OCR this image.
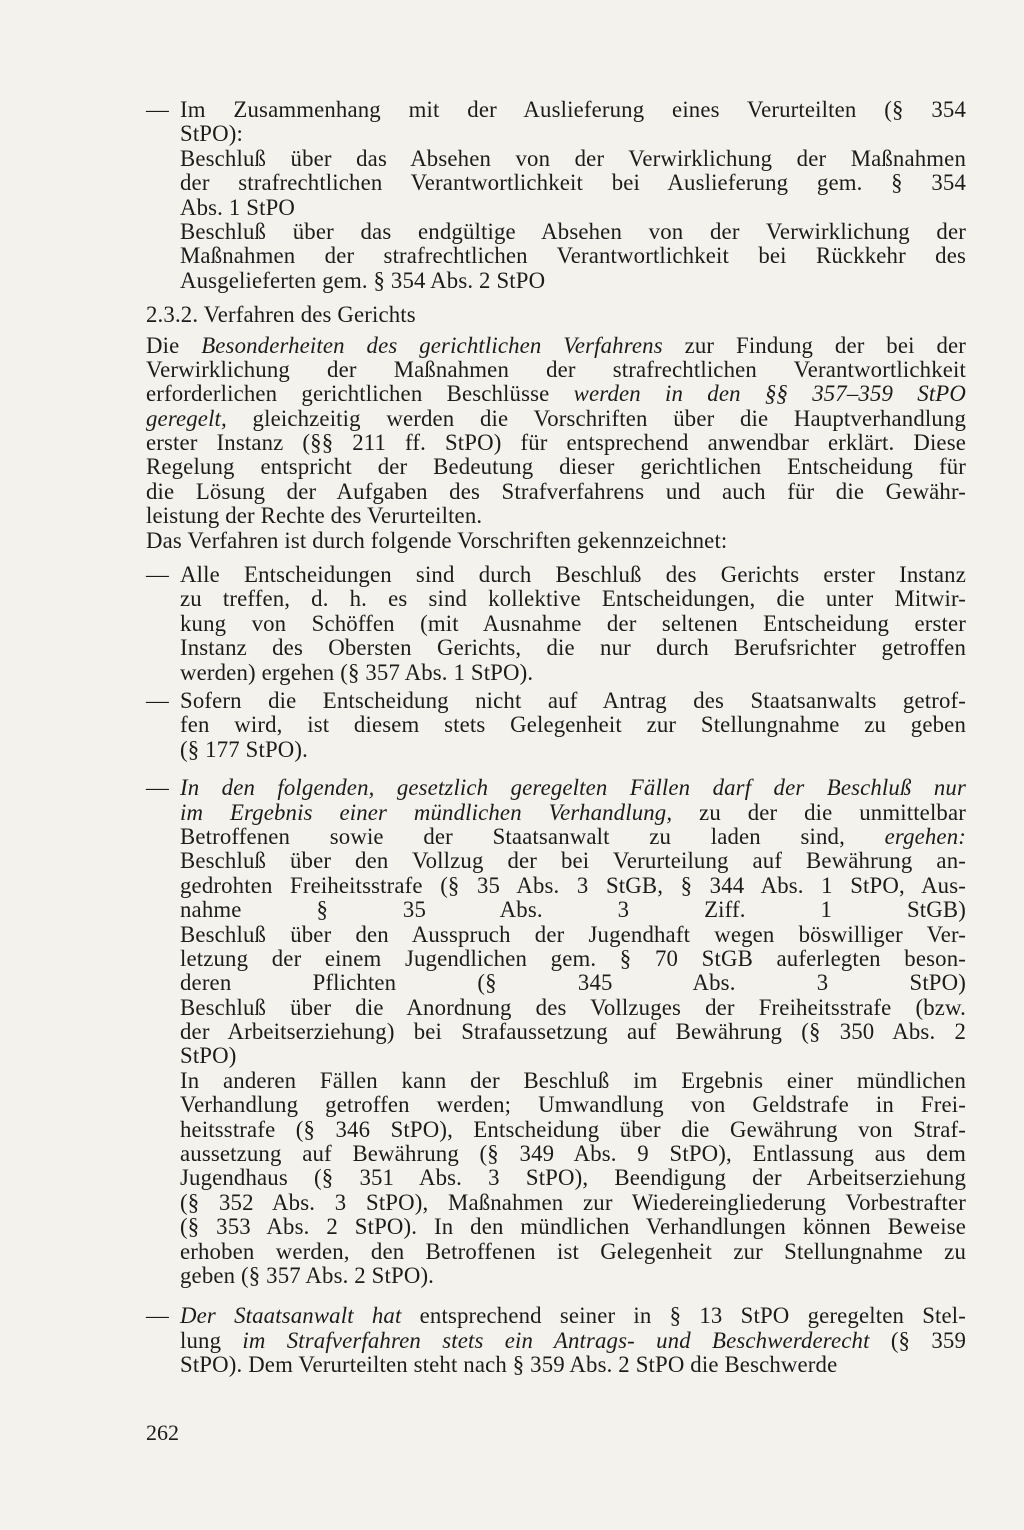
— Im Zusammenhang mit der Auslieferung eines Verurteilten (§ 354
StPO):
Beschluß über das Absehen von der Verwirklichung der Maßnahmen
der strafrechtlichen Verantwortlichkeit bei Auslieferung gem. § 354
Abs. 1 StPO
Beschluß über das endgültige Absehen von der Verwirklichung der
Maßnahmen der strafrechtlichen Verantwortlichkeit bei Rückkehr des
Ausgelieferten gem. § 354 Abs. 2 StPO
2.3.2. Verfahren des Gerichts
Die Besonderheiten des gerichtlichen Verfahrens zur Findung der bei der
Verwirklichung der Maßnahmen der strafrechtlichen Verantwortlichkeit
erforderlichen gerichtlichen Beschlüsse werden in den §§ 357–359 StPO
geregelt, gleichzeitig werden die Vorschriften über die Hauptverhandlung
erster Instanz (§§ 211 ff. StPO) für entsprechend anwendbar erklärt. Diese
Regelung entspricht der Bedeutung dieser gerichtlichen Entscheidung für
die Lösung der Aufgaben des Strafverfahrens und auch für die Gewähr-
leistung der Rechte des Verurteilten.
Das Verfahren ist durch folgende Vorschriften gekennzeichnet:
— Alle Entscheidungen sind durch Beschluß des Gerichts erster Instanz
zu treffen, d. h. es sind kollektive Entscheidungen, die unter Mitwir-
kung von Schöffen (mit Ausnahme der seltenen Entscheidung erster
Instanz des Obersten Gerichts, die nur durch Berufsrichter getroffen
werden) ergehen (§ 357 Abs. 1 StPO).
— Sofern die Entscheidung nicht auf Antrag des Staatsanwalts getrof-
fen wird, ist diesem stets Gelegenheit zur Stellungnahme zu geben
(§ 177 StPO).
— In den folgenden, gesetzlich geregelten Fällen darf der Beschluß nur
im Ergebnis einer mündlichen Verhandlung, zu der die unmittelbar
Betroffenen sowie der Staatsanwalt zu laden sind, ergehen:
Beschluß über den Vollzug der bei Verurteilung auf Bewährung an-
gedrohten Freiheitsstrafe (§ 35 Abs. 3 StGB, § 344 Abs. 1 StPO, Aus-
nahme § 35 Abs. 3 Ziff. 1 StGB)
Beschluß über den Ausspruch der Jugendhaft wegen böswilliger Ver-
letzung der einem Jugendlichen gem. § 70 StGB auferlegten beson-
deren Pflichten (§ 345 Abs. 3 StPO)
Beschluß über die Anordnung des Vollzuges der Freiheitsstrafe (bzw.
der Arbeitserziehung) bei Strafaussetzung auf Bewährung (§ 350 Abs. 2
StPO)
In anderen Fällen kann der Beschluß im Ergebnis einer mündlichen
Verhandlung getroffen werden; Umwandlung von Geldstrafe in Frei-
heitsstrafe (§ 346 StPO), Entscheidung über die Gewährung von Straf-
aussetzung auf Bewährung (§ 349 Abs. 9 StPO), Entlassung aus dem
Jugendhaus (§ 351 Abs. 3 StPO), Beendigung der Arbeitserziehung
(§ 352 Abs. 3 StPO), Maßnahmen zur Wiedereingliederung Vorbestrafter
(§ 353 Abs. 2 StPO). In den mündlichen Verhandlungen können Beweise
erhoben werden, den Betroffenen ist Gelegenheit zur Stellungnahme zu
geben (§ 357 Abs. 2 StPO).
— Der Staatsanwalt hat entsprechend seiner in § 13 StPO geregelten Stel-
lung im Strafverfahren stets ein Antrags- und Beschwerderecht (§ 359
StPO). Dem Verurteilten steht nach § 359 Abs. 2 StPO die Beschwerde
262
